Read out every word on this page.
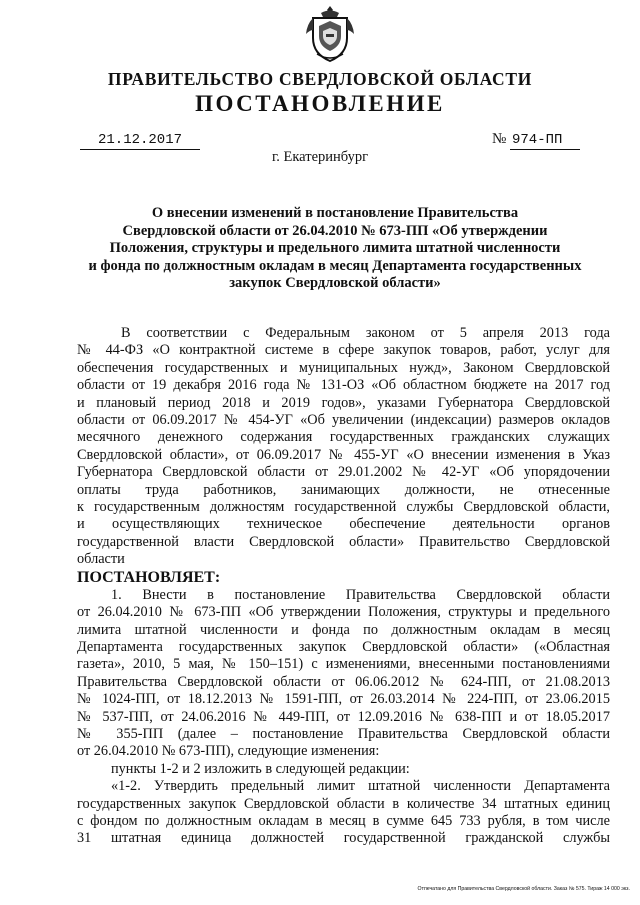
ПРАВИТЕЛЬСТВО СВЕРДЛОВСКОЙ ОБЛАСТИ
ПОСТАНОВЛЕНИЕ
21.12.2017	№ 974-ПП
г. Екатеринбург
О внесении изменений в постановление Правительства
Свердловской области от 26.04.2010 № 673-ПП «Об утверждении
Положения, структуры и предельного лимита штатной численности
и фонда по должностным окладам в месяц Департамента государственных
закупок Свердловской области»
В соответствии с Федеральным законом от 5 апреля 2013 года
№ 44-ФЗ «О контрактной системе в сфере закупок товаров, работ, услуг для
обеспечения государственных и муниципальных нужд», Законом Свердловской
области от 19 декабря 2016 года № 131-ОЗ «Об областном бюджете на 2017 год
и плановый период 2018 и 2019 годов», указами Губернатора Свердловской
области от 06.09.2017 № 454-УГ «Об увеличении (индексации) размеров окладов
месячного денежного содержания государственных гражданских служащих
Свердловской области», от 06.09.2017 № 455-УГ «О внесении изменения в Указ
Губернатора Свердловской области от 29.01.2002 № 42-УГ «Об упорядочении
оплаты труда работников, занимающих должности, не отнесенные
к государственным должностям государственной службы Свердловской области,
и осуществляющих техническое обеспечение деятельности органов
государственной власти Свердловской области» Правительство Свердловской
области
ПОСТАНОВЛЯЕТ:
1. Внести в постановление Правительства Свердловской области
от 26.04.2010 № 673-ПП «Об утверждении Положения, структуры и предельного
лимита штатной численности и фонда по должностным окладам в месяц
Департамента государственных закупок Свердловской области» («Областная
газета», 2010, 5 мая, № 150–151) с изменениями, внесенными постановлениями
Правительства Свердловской области от 06.06.2012 № 624-ПП, от 21.08.2013
№ 1024-ПП, от 18.12.2013 № 1591-ПП, от 26.03.2014 № 224-ПП, от 23.06.2015
№ 537-ПП, от 24.06.2016 № 449-ПП, от 12.09.2016 № 638-ПП и от 18.05.2017
№ 355-ПП (далее – постановление Правительства Свердловской области
от 26.04.2010 № 673-ПП), следующие изменения:
пункты 1-2 и 2 изложить в следующей редакции:
«1-2. Утвердить предельный лимит штатной численности Департамента
государственных закупок Свердловской области в количестве 34 штатных единиц
с фондом по должностным окладам в месяц в сумме 645 733 рубля, в том числе
31 штатная единица должностей государственной гражданской службы
Отпечатано для Правительства Свердловской области. Заказ № 575. Тираж 14 000 экз.
